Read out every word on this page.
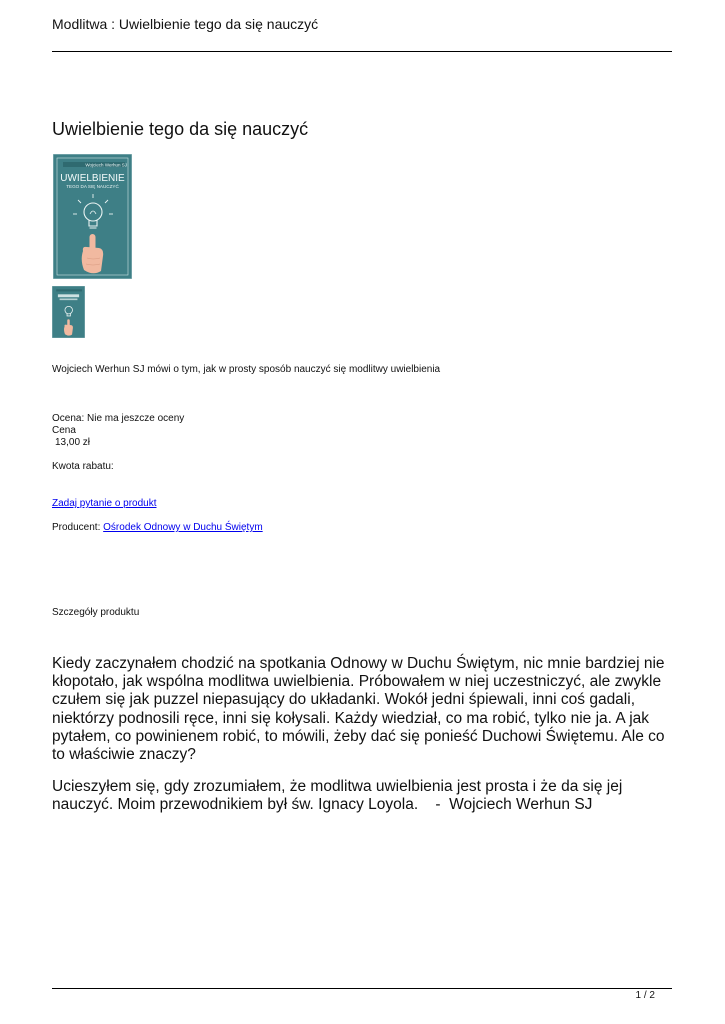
Modlitwa : Uwielbienie tego da się nauczyć
Uwielbienie tego da się nauczyć
Wojciech Werhun SJ
UWIELBIENIE
TEGO DA SIĘ NAUCZYĆ
Wojciech Werhun SJ mówi o tym, jak w prosty sposób nauczyć się modlitwy uwielbienia
Ocena: Nie ma jeszcze oceny
Cena
13,00 zł
Kwota rabatu:
Zadaj pytanie o produkt
Producent: Ośrodek Odnowy w Duchu Świętym
Szczegóły produktu
Kiedy zaczynałem chodzić na spotkania Odnowy w Duchu Świętym, nic mnie bardziej nie kłopotało, jak wspólna modlitwa uwielbienia. Próbowałem w niej uczestniczyć, ale zwykle czułem się jak puzzel niepasujący do układanki. Wokół jedni śpiewali, inni coś gadali, niektórzy podnosili ręce, inni się kołysali. Każdy wiedział, co ma robić, tylko nie ja. A jak pytałem, co powinienem robić, to mówili, żeby dać się ponieść Duchowi Świętemu. Ale co to właściwie znaczy?
Ucieszyłem się, gdy zrozumiałem, że modlitwa uwielbienia jest prosta i że da się jej nauczyć. Moim przewodnikiem był św. Ignacy Loyola.    -  Wojciech Werhun SJ
1 / 2
